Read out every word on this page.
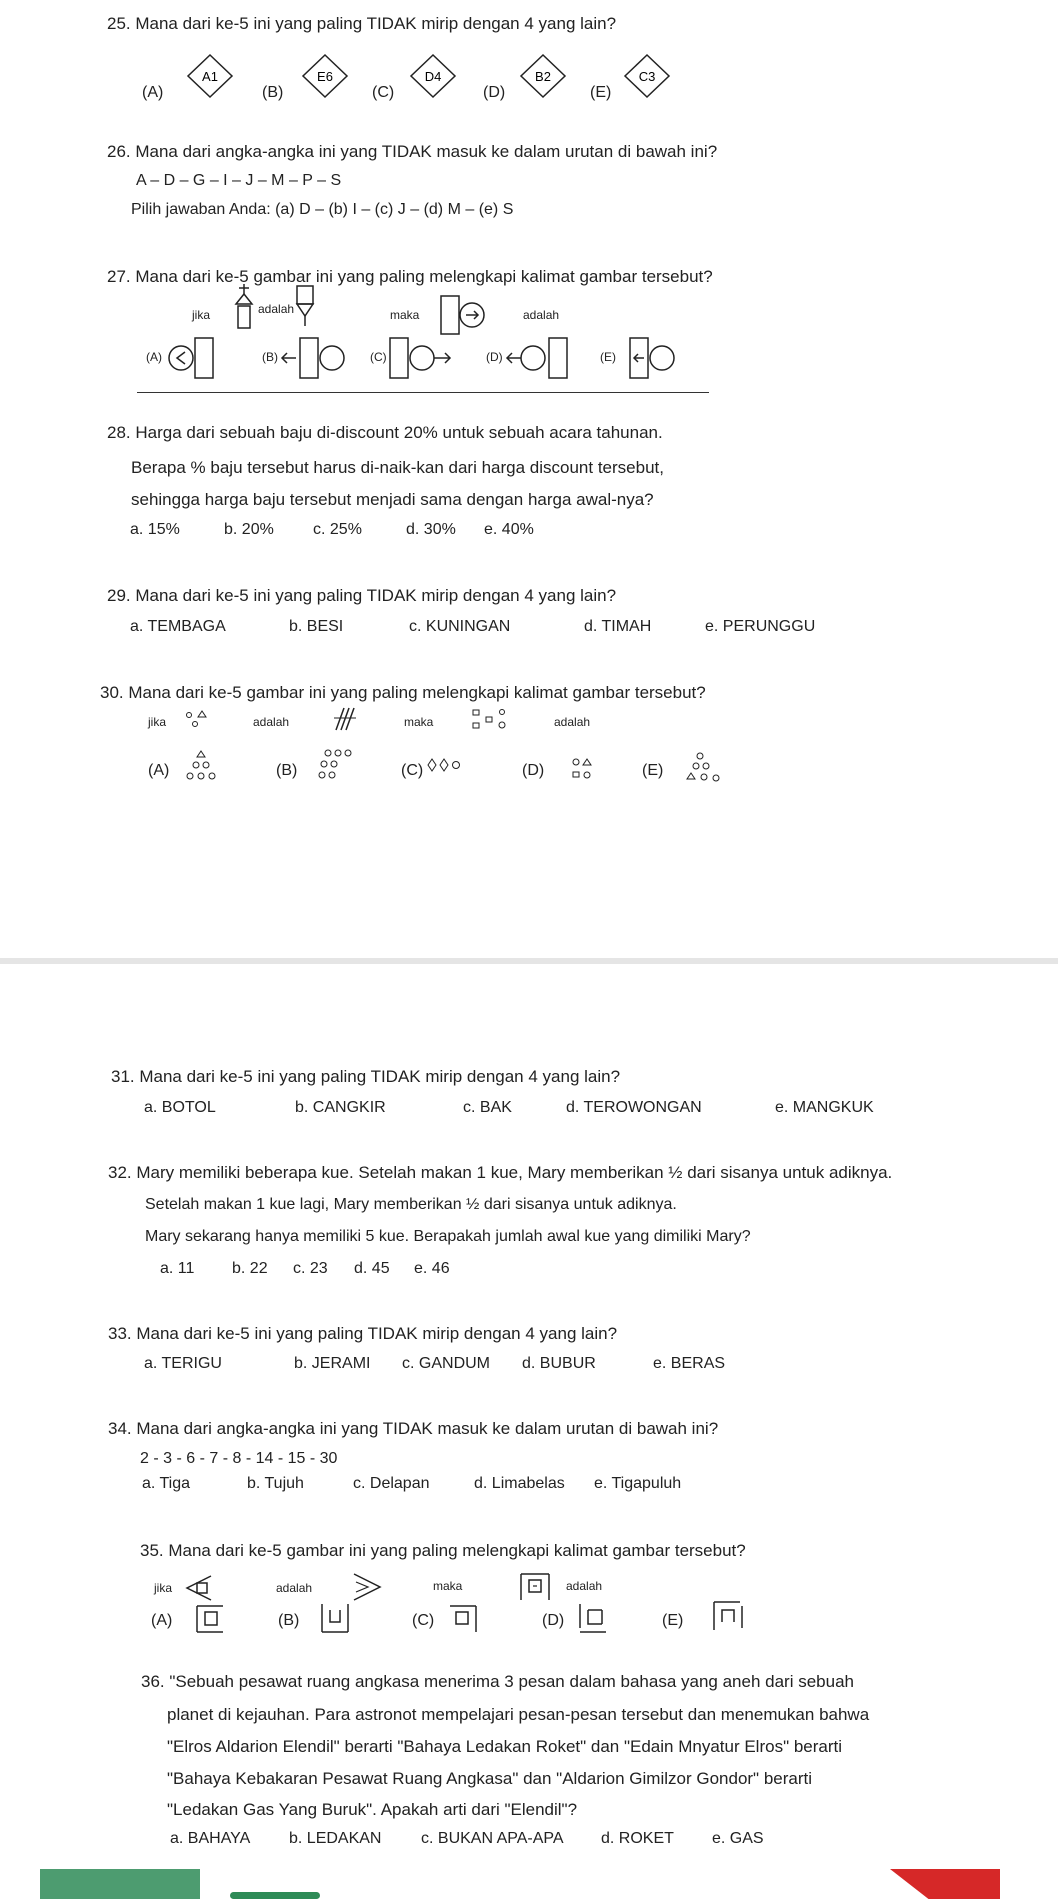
25. Mana dari ke-5 ini yang paling TIDAK mirip dengan 4 yang lain?
(A)	(B)	(C)	(D)	(E)
A1	E6	D4	B2	C3
26. Mana dari angka-angka ini yang TIDAK masuk ke dalam urutan di bawah ini?
A – D – G – I – J – M – P – S
Pilih jawaban Anda: (a) D – (b) I – (c) J – (d) M – (e) S
27. Mana dari ke-5 gambar ini yang paling melengkapi kalimat gambar tersebut?
jika	adalah	maka	adalah
(A)	(B)	(C)	(D)	(E)
28. Harga dari sebuah baju di-discount 20% untuk sebuah acara tahunan.
Berapa % baju tersebut harus di-naik-kan dari harga discount tersebut,
sehingga harga baju tersebut menjadi sama dengan harga awal-nya?
a. 15%	b. 20% c. 25%	d. 30% e. 40%
29. Mana dari ke-5 ini yang paling TIDAK mirip dengan 4 yang lain?
a. TEMBAGA	b. BESI	c. KUNINGAN	d. TIMAH	e. PERUNGGU
30. Mana dari ke-5 gambar ini yang paling melengkapi kalimat gambar tersebut?
jika	adalah	maka	adalah
(A)	(B)	(C)	(D)	(E)
31. Mana dari ke-5 ini yang paling TIDAK mirip dengan 4 yang lain?
a. BOTOL	b. CANGKIR	c. BAK	d. TEROWONGAN	e. MANGKUK
32. Mary memiliki beberapa kue. Setelah makan 1 kue, Mary memberikan ½ dari sisanya untuk adiknya.
Setelah makan 1 kue lagi, Mary memberikan ½ dari sisanya untuk adiknya.
Mary sekarang hanya memiliki 5 kue. Berapakah jumlah awal kue yang dimiliki Mary?
a. 11 b. 22 c. 23 d. 45 e. 46
33. Mana dari ke-5 ini yang paling TIDAK mirip dengan 4 yang lain?
a. TERIGU	b. JERAMI c. GANDUM d. BUBUR	e. BERAS
34. Mana dari angka-angka ini yang TIDAK masuk ke dalam urutan di bawah ini?
2 - 3 - 6 - 7 - 8 - 14 - 15 - 30
a. Tiga	b. Tujuh	c. Delapan	d. Limabelas e. Tigapuluh
35. Mana dari ke-5 gambar ini yang paling melengkapi kalimat gambar tersebut?
jika	adalah	maka	adalah
(A)	(B)	(C)	(D)	(E)
36. "Sebuah pesawat ruang angkasa menerima 3 pesan dalam bahasa yang aneh dari sebuah
planet di kejauhan. Para astronot mempelajari pesan-pesan tersebut dan menemukan bahwa
"Elros Aldarion Elendil" berarti "Bahaya Ledakan Roket" dan "Edain Mnyatur Elros" berarti
"Bahaya Kebakaran Pesawat Ruang Angkasa" dan "Aldarion Gimilzor Gondor" berarti
"Ledakan Gas Yang Buruk". Apakah arti dari "Elendil"?
a. BAHAYA b. LEDAKAN c. BUKAN APA-APA d. ROKET e. GAS
